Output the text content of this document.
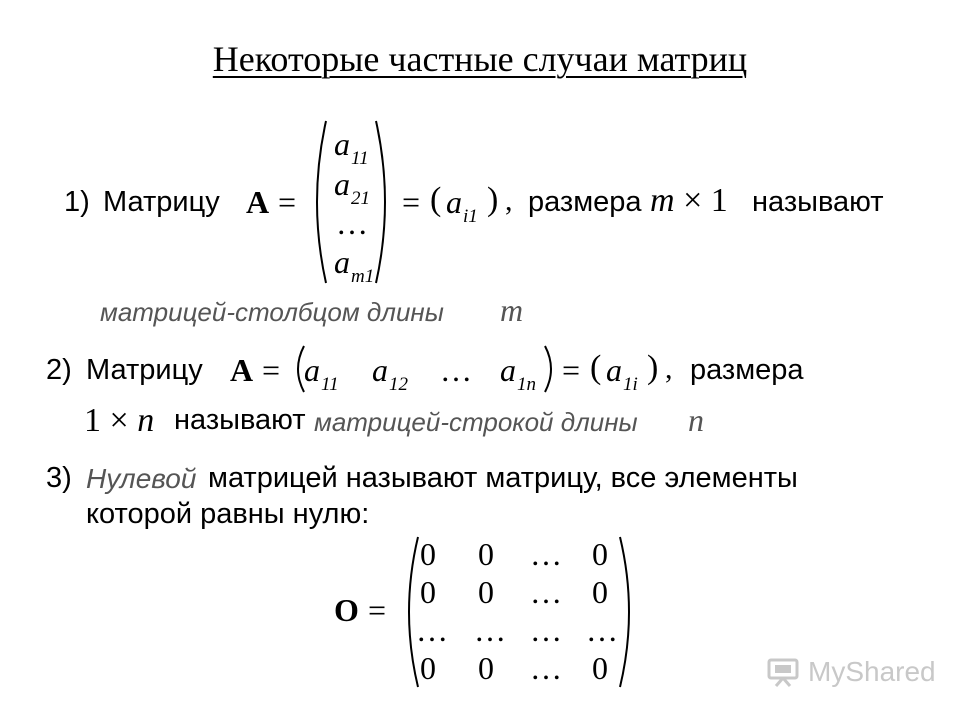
Некоторые частные случаи матриц
1) Матрицу A =
$a_{11}$
$a_{21}$
…
$a_{m1}$
= ( $a_{i1}$ ) , размера m × 1 называют
матрицей-столбцом длины m
2) Матрицу $A = a_{11}$ $a_{12}$ … $a_{1n}$ = ( $a_{1i}$ ) , размера
1 × n называют матрицей-строкой длины n
3) Нулевой матрицей называют матрицу, все элементы
которой равны нулю:
O =
0 0 … 0
0 0 … 0
… … … …
0 0 … 0	MyShared
